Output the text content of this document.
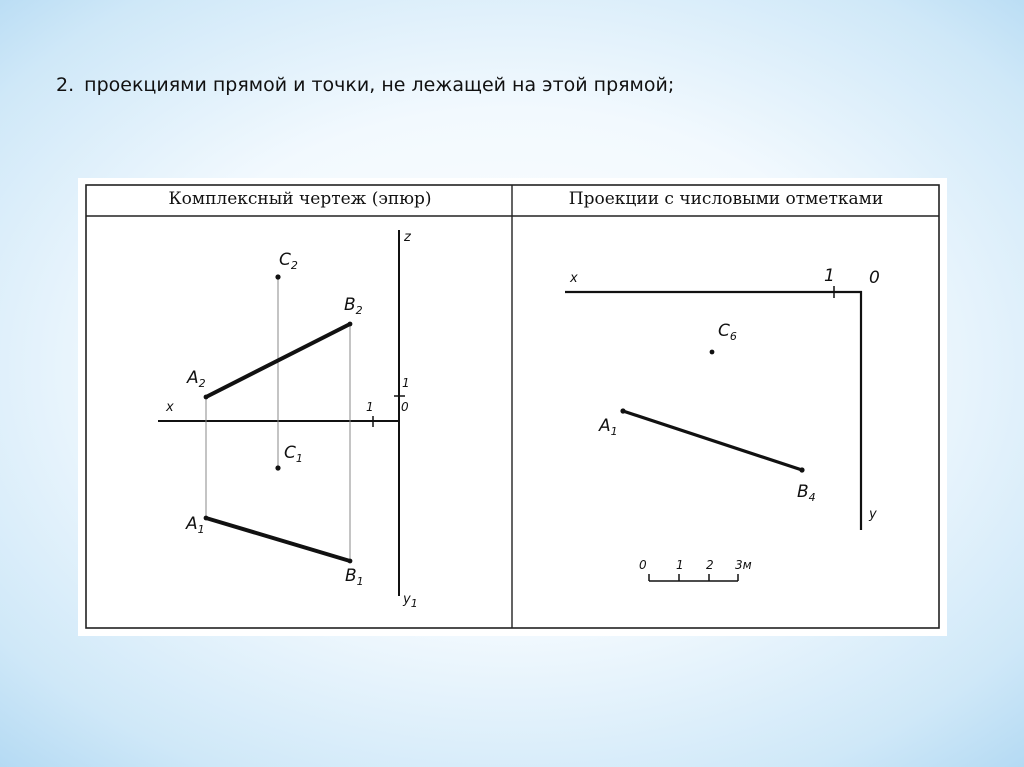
2. проекциями прямой и точки, не лежащей на этой прямой;
Комплексный чертеж (эпюр)	Проекции с числовыми отметками
$C_2$
$B_2$
$A_2$
$C_1$
$A_1$
$B_1$
x
z
$y_1$
0
1
1
x	0
1
$C_6$
$A_1$
$B_4$
y
0 1 2 3м
